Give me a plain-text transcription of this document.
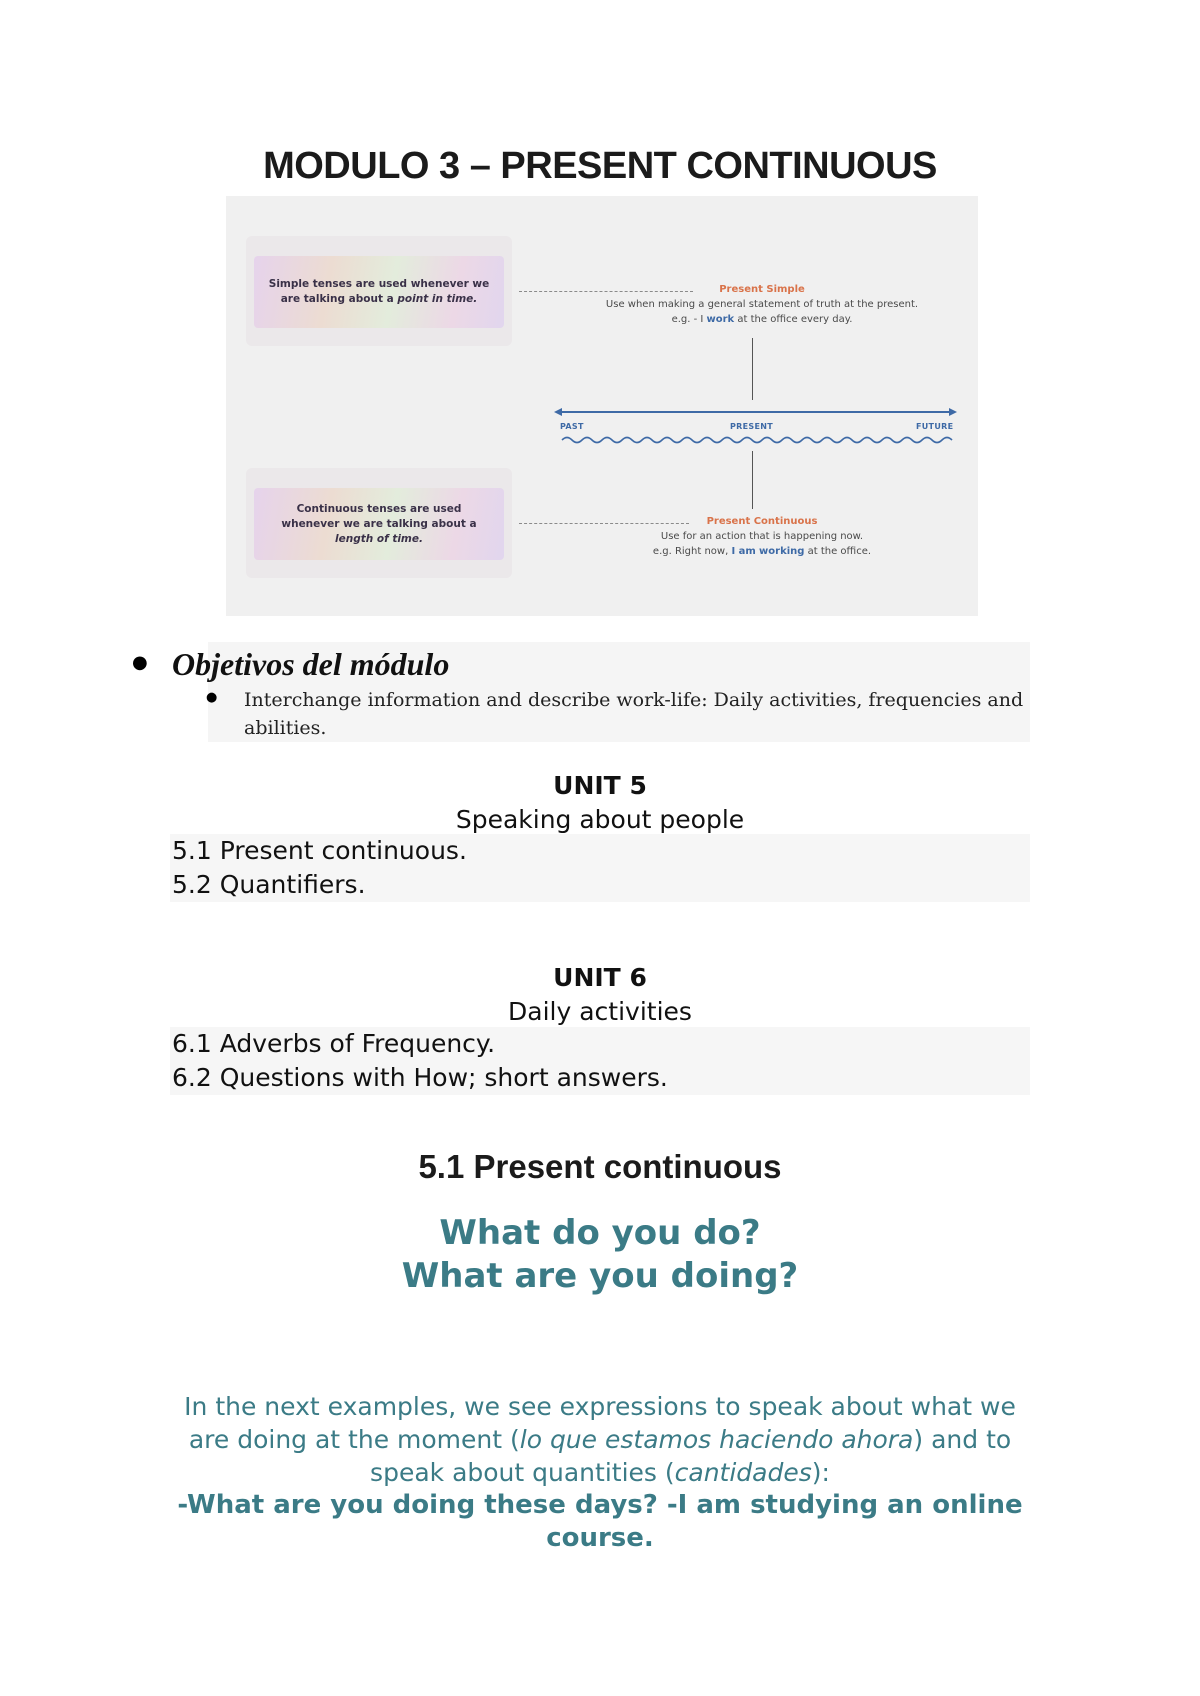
MODULO 3 – PRESENT CONTINUOUS
Simple tenses are used whenever we are talking about a point in time.
Continuous tenses are used whenever we are talking about a length of time.
Present Simple
Use when making a general statement of truth at the present.
e.g. - I work at the office every day.
Present Continuous
Use for an action that is happening now.
e.g. Right now, I am working at the office.
PAST	PRESENT	FUTURE
● Objetivos del módulo
● Interchange information and describe work-life: Daily activities, frequencies and abilities.
UNIT 5
Speaking about people
5.1 Present continuous.
5.2 Quantifiers.
UNIT 6
Daily activities
6.1 Adverbs of Frequency.
6.2 Questions with How; short answers.
5.1 Present continuous
What do you do?
What are you doing?
In the next examples, we see expressions to speak about what we are doing at the moment (lo que estamos haciendo ahora) and to speak about quantities (cantidades):
-What are you doing these days? -I am studying an online course.
